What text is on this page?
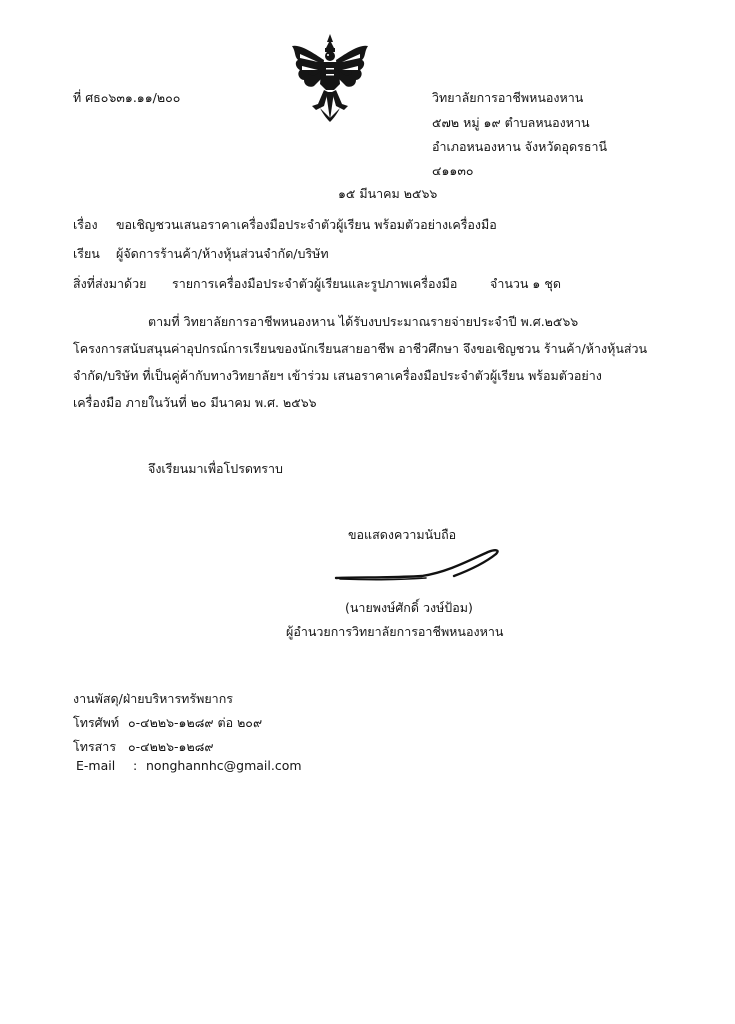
ที่ ศธ๐๖๓๑.๑๑/๒๐๐	วิทยาลัยการอาชีพหนองหาน
๕๗๒ หมู่ ๑๙ ตำบลหนองหาน
อำเภอหนองหาน จังหวัดอุดรธานี
๔๑๑๓๐
๑๕ มีนาคม ๒๕๖๖
เรื่อง ขอเชิญชวนเสนอราคาเครื่องมือประจำตัวผู้เรียน พร้อมตัวอย่างเครื่องมือ
เรียน ผู้จัดการร้านค้า/ห้างหุ้นส่วนจำกัด/บริษัท
สิ่งที่ส่งมาด้วย รายการเครื่องมือประจำตัวผู้เรียนและรูปภาพเครื่องมือ	จำนวน ๑ ชุด
ตามที่ วิทยาลัยการอาชีพหนองหาน ได้รับงบประมาณรายจ่ายประจำปี พ.ศ.๒๕๖๖
โครงการสนับสนุนค่าอุปกรณ์การเรียนของนักเรียนสายอาชีพ อาชีวศึกษา จึงขอเชิญชวน ร้านค้า/ห้างหุ้นส่วน
จำกัด/บริษัท ที่เป็นคู่ค้ากับทางวิทยาลัยฯ เข้าร่วม เสนอราคาเครื่องมือประจำตัวผู้เรียน พร้อมตัวอย่าง
เครื่องมือ ภายในวันที่ ๒๐ มีนาคม พ.ศ. ๒๕๖๖
จึงเรียนมาเพื่อโปรดทราบ
ขอแสดงความนับถือ
(นายพงษ์ศักดิ์ วงษ์ป้อม)
ผู้อำนวยการวิทยาลัยการอาชีพหนองหาน
งานพัสดุ/ฝ่ายบริหารทรัพยากร
โทรศัพท์ ๐-๔๒๒๖-๑๒๘๙ ต่อ ๒๐๙
โทรสาร ๐-๔๒๒๖-๑๒๘๙
E-mail : nonghannhc@gmail.com
